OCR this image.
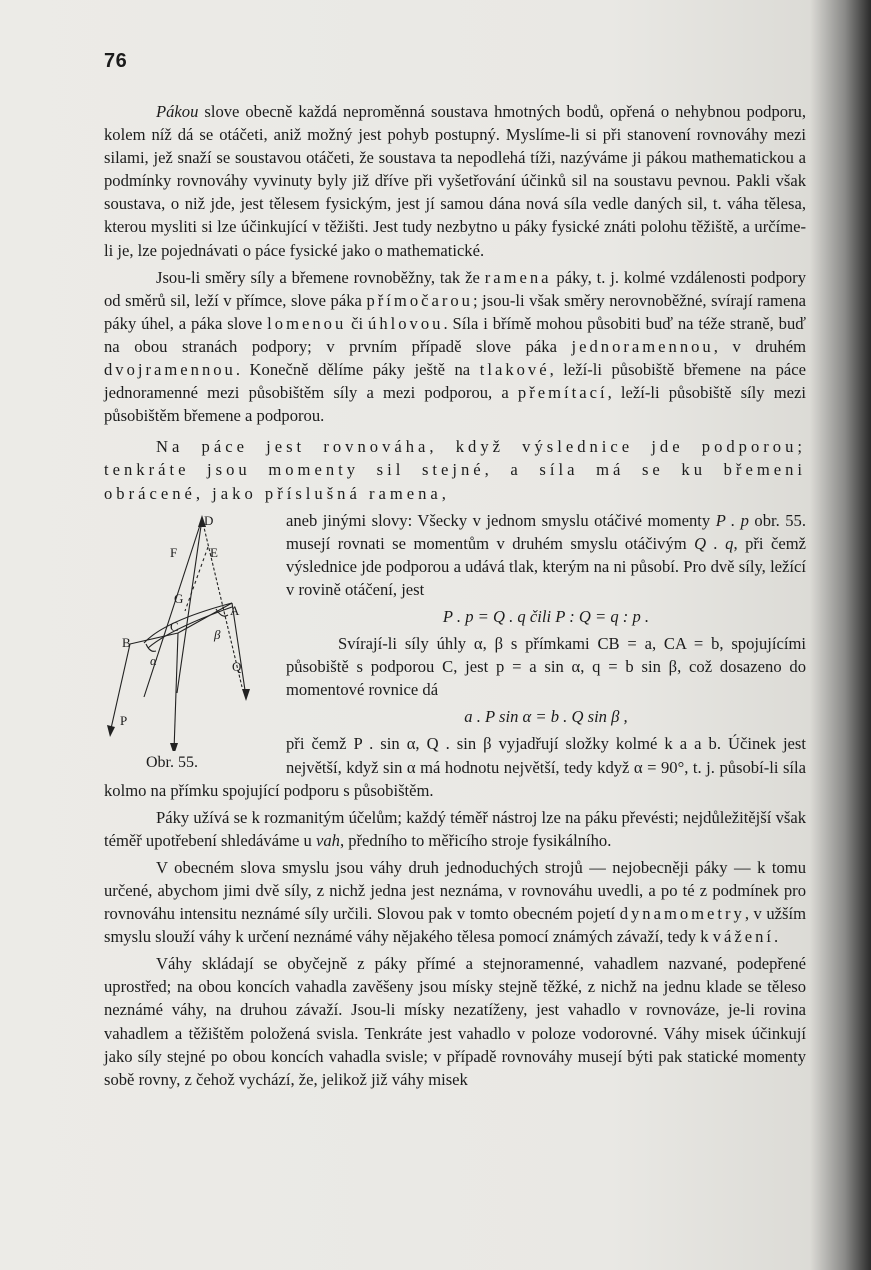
76

Pákou slove obecně každá neproměnná soustava hmotných bodů, opřená o nehybnou podporu, kolem níž dá se otáčeti, aniž možný jest pohyb postupný. Myslíme-li si při stanovení rovnováhy mezi silami, jež snaží se soustavou otáčeti, že soustava ta nepodlehá tíži, nazýváme ji pákou mathematickou a podmínky rovnováhy vyvinuty byly již dříve při vyšetřování účinků sil na soustavu pevnou. Pakli však soustava, o niž jde, jest tělesem fysickým, jest jí samou dána nová síla vedle daných sil, t. váha tělesa, kterou mysliti si lze účinkující v těžišti. Jest tudy nezbytno u páky fysické znáti polohu těžiště, a určíme-li je, lze pojednávati o páce fysické jako o mathematické.

Jsou-li směry síly a břemene rovnoběžny, tak že ramena páky, t. j. kolmé vzdálenosti podpory od směrů sil, leží v přímce, slove páka přímočarou; jsou-li však směry nerovnoběžné, svírají ramena páky úhel, a páka slove lomenou či úhlovou. Síla i břímě mohou působiti buď na téže straně, buď na obou stranách podpory; v prvním případě slove páka jednoramennou, v druhém dvojramennou. Konečně dělíme páky ještě na tlakové, leží-li působiště břemene na páce jednoramenné mezi působištěm síly a mezi podporou, a přemítací, leží-li působiště síly mezi působištěm břemene a podporou.

Na páce jest rovnováha, když výslednice jde podporou; tenkráte jsou momenty sil stejné, a síla má se ku břemeni obrácené, jako příslušná ramena,

D
E
F
G
A
B
C
α
β
Q
P
Obr. 55.

aneb jinými slovy: Všecky v jednom smyslu otáčivé momenty P . p obr. 55. musejí rovnati se momentům v druhém smyslu otáčivým Q . q, při čemž výslednice jde podporou a udává tlak, kterým na ni působí. Pro dvě síly, ležící v rovině otáčení, jest

P . p = Q . q čili P : Q = q : p .

Svírají-li síly úhly α, β s přímkami CB = a, CA = b, spojujícími působiště s podporou C, jest p = a sin α, q = b sin β, což dosazeno do momentové rovnice dá

a . P sin α = b . Q sin β ,

při čemž P . sin α, Q . sin β vyjadřují složky kolmé k a a b. Účinek jest největší, když sin α má hodnotu největší, tedy když α = 90°, t. j. působí-li síla kolmo na přímku spojující podporu s působištěm.

Páky užívá se k rozmanitým účelům; každý téměř nástroj lze na páku převésti; nejdůležitější však téměř upotřebení shledáváme u vah, předního to měřicího stroje fysikálního.

V obecném slova smyslu jsou váhy druh jednoduchých strojů — nejobecněji páky — k tomu určené, abychom jimi dvě síly, z nichž jedna jest neznáma, v rovnováhu uvedli, a po té z podmínek pro rovnováhu intensitu neznámé síly určili. Slovou pak v tomto obecném pojetí dynamometry, v užším smyslu slouží váhy k určení neznámé váhy nějakého tělesa pomocí známých závaží, tedy k vážení.

Váhy skládají se obyčejně z páky přímé a stejnoramenné, vahadlem nazvané, podepřené uprostřed; na obou koncích vahadla zavěšeny jsou mísky stejně těžké, z nichž na jednu klade se těleso neznámé váhy, na druhou závaží. Jsou-li mísky nezatíženy, jest vahadlo v rovnováze, je-li rovina vahadlem a těžištěm položená svisla. Tenkráte jest vahadlo v poloze vodorovné. Váhy misek účinkují jako síly stejné po obou koncích vahadla svisle; v případě rovnováhy musejí býti pak statické momenty sobě rovny, z čehož vychází, že, jelikož již váhy misek
